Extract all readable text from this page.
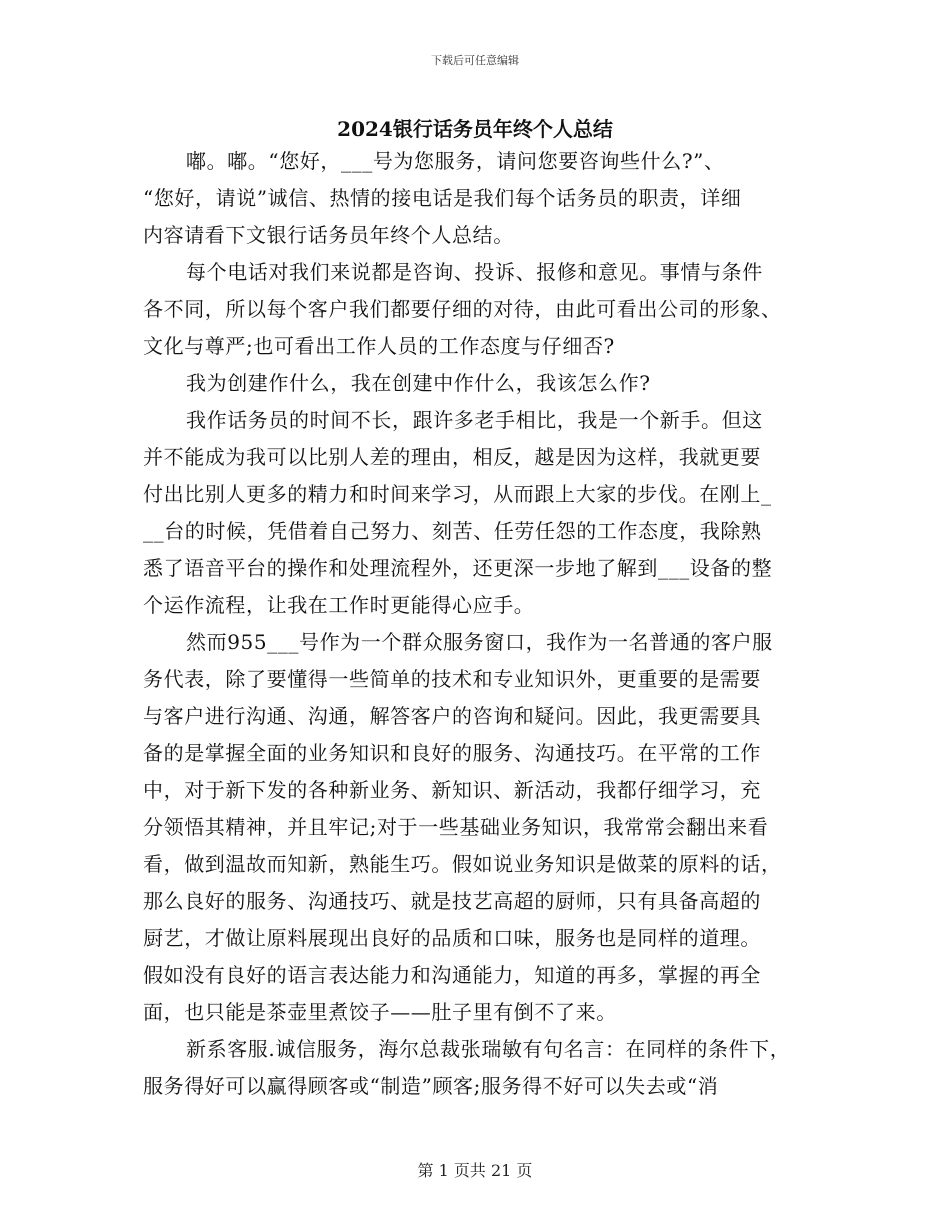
下载后可任意编辑
2024银行话务员年终个人总结
嘟。嘟。“您好，___号为您服务，请问您要咨询些什么?”、
“您好，请说”诚信、热情的接电话是我们每个话务员的职责，详细
内容请看下文银行话务员年终个人总结。
每个电话对我们来说都是咨询、投诉、报修和意见。事情与条件
各不同，所以每个客户我们都要仔细的对待，由此可看出公司的形象、
文化与尊严;也可看出工作人员的工作态度与仔细否?
我为创建作什么，我在创建中作什么，我该怎么作?
我作话务员的时间不长，跟许多老手相比，我是一个新手。但这
并不能成为我可以比别人差的理由，相反，越是因为这样，我就更要
付出比别人更多的精力和时间来学习，从而跟上大家的步伐。在刚上_
__台的时候，凭借着自己努力、刻苦、任劳任怨的工作态度，我除熟
悉了语音平台的操作和处理流程外，还更深一步地了解到___设备的整
个运作流程，让我在工作时更能得心应手。
然而955___号作为一个群众服务窗口，我作为一名普通的客户服
务代表，除了要懂得一些简单的技术和专业知识外，更重要的是需要
与客户进行沟通、沟通，解答客户的咨询和疑问。因此，我更需要具
备的是掌握全面的业务知识和良好的服务、沟通技巧。在平常的工作
中，对于新下发的各种新业务、新知识、新活动，我都仔细学习，充
分领悟其精神，并且牢记;对于一些基础业务知识，我常常会翻出来看
看，做到温故而知新，熟能生巧。假如说业务知识是做菜的原料的话，
那么良好的服务、沟通技巧、就是技艺高超的厨师，只有具备高超的
厨艺，才做让原料展现出良好的品质和口味，服务也是同样的道理。
假如没有良好的语言表达能力和沟通能力，知道的再多，掌握的再全
面，也只能是茶壶里煮饺子——肚子里有倒不了来。
新系客服.诚信服务，海尔总裁张瑞敏有句名言：在同样的条件下，
服务得好可以赢得顾客或“制造”顾客;服务得不好可以失去或“消
第 1 页共 21 页
